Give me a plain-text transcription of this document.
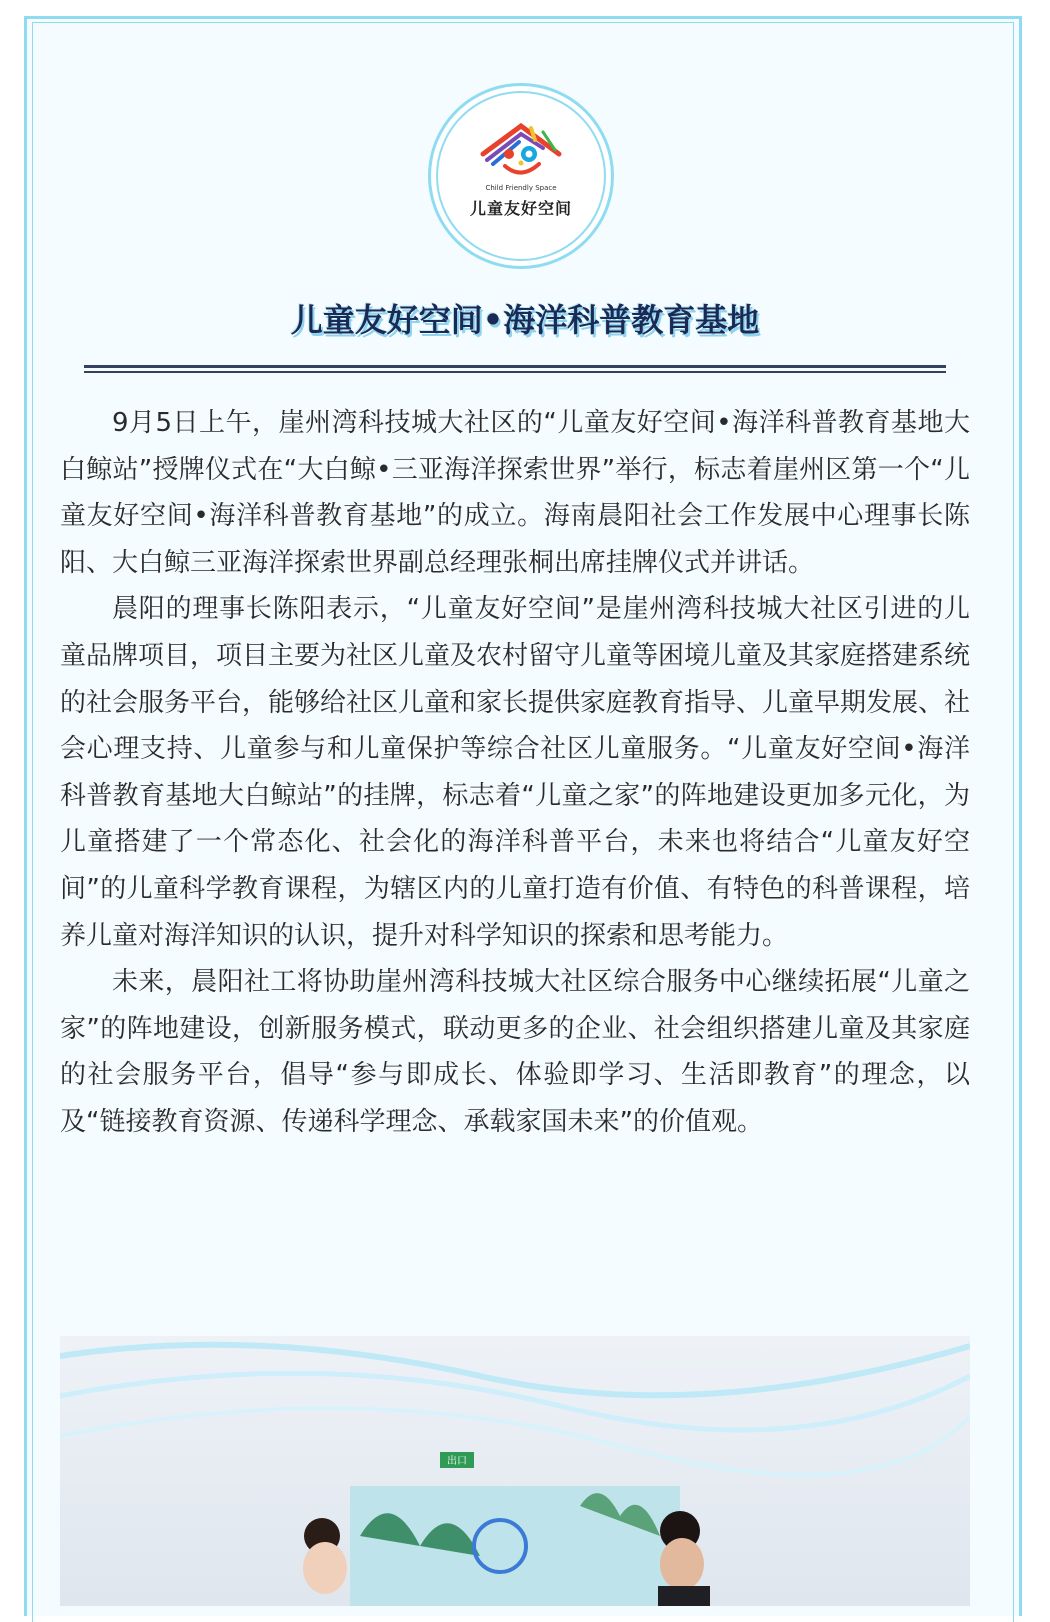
Child Friendly Space
儿童友好空间
儿童友好空间•海洋科普教育基地

9月5日上午，崖州湾科技城大社区的“儿童友好空间•海洋科普教育基地大白鲸站”授牌仪式在“大白鲸•三亚海洋探索世界”举行，标志着崖州区第一个“儿童友好空间•海洋科普教育基地”的成立。海南晨阳社会工作发展中心理事长陈阳、大白鲸三亚海洋探索世界副总经理张桐出席挂牌仪式并讲话。

晨阳的理事长陈阳表示，“儿童友好空间”是崖州湾科技城大社区引进的儿童品牌项目，项目主要为社区儿童及农村留守儿童等困境儿童及其家庭搭建系统的社会服务平台，能够给社区儿童和家长提供家庭教育指导、儿童早期发展、社会心理支持、儿童参与和儿童保护等综合社区儿童服务。“儿童友好空间•海洋科普教育基地大白鲸站”的挂牌，标志着“儿童之家”的阵地建设更加多元化，为儿童搭建了一个常态化、社会化的海洋科普平台，未来也将结合“儿童友好空间”的儿童科学教育课程，为辖区内的儿童打造有价值、有特色的科普课程，培养儿童对海洋知识的认识，提升对科学知识的探索和思考能力。

未来，晨阳社工将协助崖州湾科技城大社区综合服务中心继续拓展“儿童之家”的阵地建设，创新服务模式，联动更多的企业、社会组织搭建儿童及其家庭的社会服务平台，倡导“参与即成长、体验即学习、生活即教育”的理念，以及“链接教育资源、传递科学理念、承载家国未来”的价值观。

出口
